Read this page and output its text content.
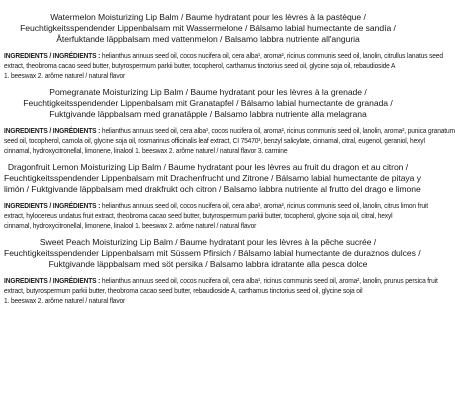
Watermelon Moisturizing Lip Balm / Baume hydratant pour les lèvres à la pastèque /
Feuchtigkeitsspendender Lippenbalsam mit Wassermelone / Bálsamo labial humectante de sandía /
Återfuktande läppbalsam med vattenmelon / Balsamo labbra nutriente all'anguria

INGREDIENTS / INGRÉDIENTS : helianthus annuus seed oil, cocos nucifera oil, cera alba¹, aroma², ricinus communis seed oil, lanolin, citrullus lanatus seed
extract, theobroma cacao seed butter, butyrospermum parkii butter, tocopherol, carthamus tinctorius seed oil, glycine soja oil, rebaudioside A
1. beeswax 2. arôme naturel / natural flavor

Pomegranate Moisturizing Lip Balm / Baume hydratant pour les lèvres à la grenade /
Feuchtigkeitsspendender Lippenbalsam mit Granatapfel / Bálsamo labial humectante de granada /
Fuktgivande läppbalsam med granatäpple / Balsamo labbra nutriente alla melagrana

INGREDIENTS / INGRÉDIENTS : helianthus annuus seed oil, cera alba¹, cocos nucifera oil, aroma², ricinus communis seed oil, lanolin, aroma², punica granatum
seed oil, tocopherol, carnola oil, glycine soja oil, rosmarinus officinalis leaf extract, CI 75470³, benzyl salicylate, cinnamal, citral, eugenol, geraniol, hexyl
cinnamal, hydroxycitronellal, limonene, linalool 1. beeswax 2. arôme naturel / natural flavor 3. carmine

Dragonfruit Lemon Moisturizing Lip Balm / Baume hydratant pour les lèvres au fruit du dragon et au citron /
Feuchtigkeitsspendender Lippenbalsam mit Drachenfrucht und Zitrone / Bálsamo labial humectante de pitaya y
limón / Fuktgivande läppbalsam med drakfrukt och citron / Balsamo labbra nutriente al frutto del drago e limone

INGREDIENTS / INGRÉDIENTS : helianthus annuus seed oil, cocos nucifera oil, cera alba¹, aroma², ricinus communis seed oil, lanolin, citrus limon fruit
extract, hylocereus undatus fruit extract, theobroma cacao seed butter, butyrospermum parkii butter, tocopherol, glycine soja oil, citral, hexyl
cinnamal, hydroxycitronellal, limonene, linalool 1. beeswax 2. arôme naturel / natural flavor

Sweet Peach Moisturizing Lip Balm / Baume hydratant pour les lèvres à la pêche sucrée /
Feuchtigkeitsspendender Lippenbalsam mit Süssem Pfirsich / Bálsamo labial humectante de duraznos dulces /
Fuktgivande läppbalsam med söt persika / Balsamo labbra idratante alla pesca dolce

INGREDIENTS / INGRÉDIENTS : helianthus annuus seed oil, cocos nucifera oil, cera alba¹, ricinus communis seed oil, aroma², lanolin, prunus persica fruit
extract, butyrospermum parkii butter, theobroma cacao seed butter, rebaudioside A, carthamus tinctorius seed oil, glycine soja oil
1. beeswax 2. arôme naturel / natural flavor
